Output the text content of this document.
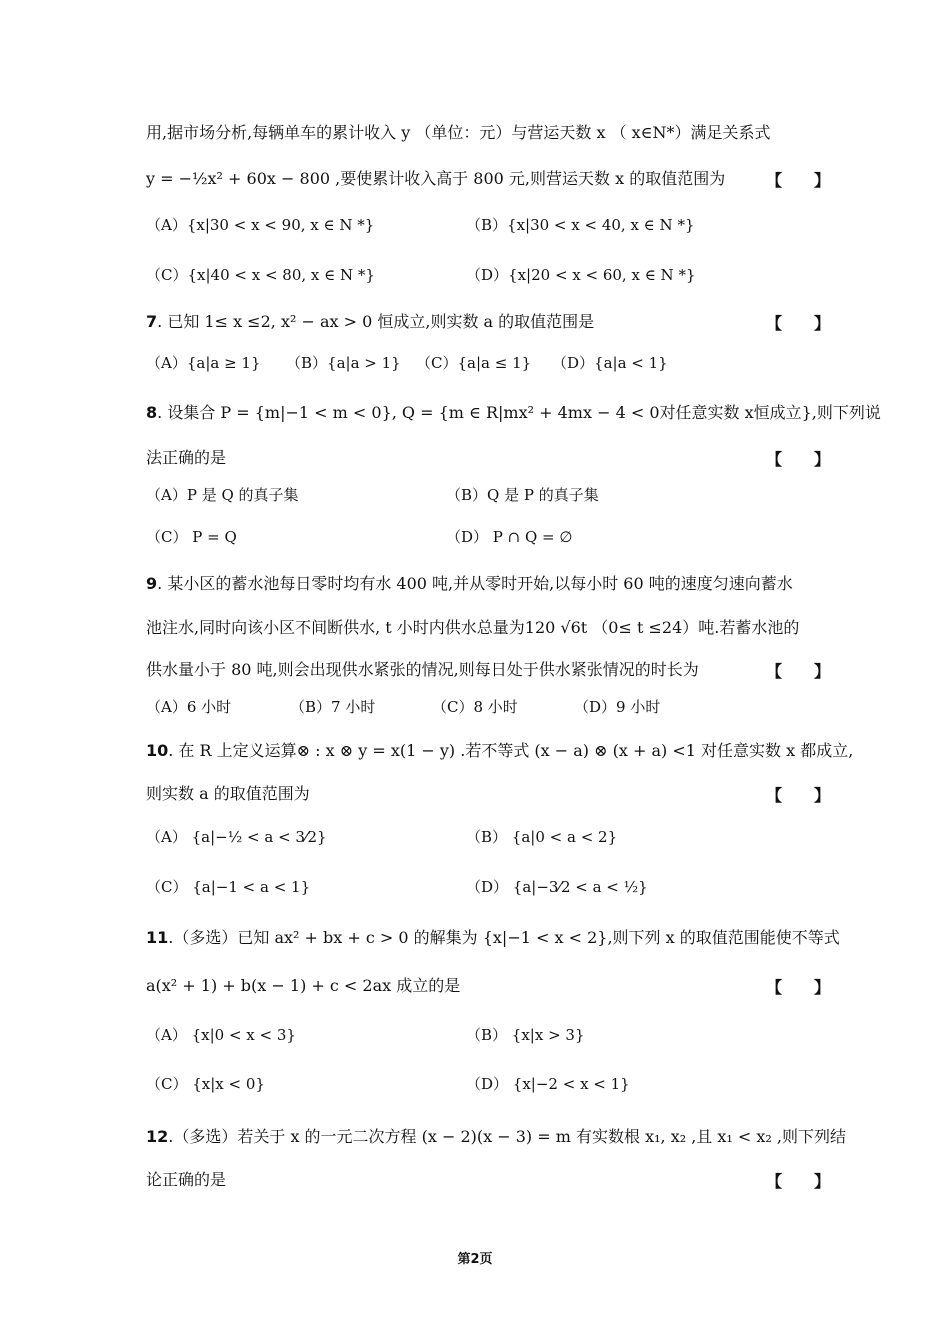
用,据市场分析,每辆单车的累计收入 y （单位：元）与营运天数 x （ x∈N*）满足关系式
y = −½x² + 60x − 800 ,要使累计收入高于 800 元,则营运天数 x 的取值范围为	【　　】
（A）{x|30 < x < 90, x ∈ N *}	（B）{x|30 < x < 40, x ∈ N *}
（C）{x|40 < x < 80, x ∈ N *}	（D）{x|20 < x < 60, x ∈ N *}
7. 已知 1≤ x ≤2, x² − ax > 0 恒成立,则实数 a 的取值范围是	【　　】
（A）{a|a ≥ 1} （B）{a|a > 1} （C）{a|a ≤ 1} （D）{a|a < 1}
8. 设集合 P = {m|−1 < m < 0}, Q = {m ∈ R|mx² + 4mx − 4 < 0对任意实数 x恒成立},则下列说
法正确的是	【　　】
（A）P 是 Q 的真子集	（B）Q 是 P 的真子集
（C） P = Q	（D） P ∩ Q = ∅
9. 某小区的蓄水池每日零时均有水 400 吨,并从零时开始,以每小时 60 吨的速度匀速向蓄水
池注水,同时向该小区不间断供水, t 小时内供水总量为120 √6t （0≤ t ≤24）吨.若蓄水池的
供水量小于 80 吨,则会出现供水紧张的情况,则每日处于供水紧张情况的时长为	【　　】
（A）6 小时	（B）7 小时	（C）8 小时	（D）9 小时
10. 在 R 上定义运算⊗ : x ⊗ y = x(1 − y) .若不等式 (x − a) ⊗ (x + a) <1 对任意实数 x 都成立,
则实数 a 的取值范围为	【　　】
（A） {a|−½ < a < 3⁄2}	（B） {a|0 < a < 2}
（C） {a|−1 < a < 1}	（D） {a|−3⁄2 < a < ½}
11.（多选）已知 ax² + bx + c > 0 的解集为 {x|−1 < x < 2},则下列 x 的取值范围能使不等式
a(x² + 1) + b(x − 1) + c < 2ax 成立的是	【　　】
（A） {x|0 < x < 3}	（B） {x|x > 3}
（C） {x|x < 0}	（D） {x|−2 < x < 1}
12.（多选）若关于 x 的一元二次方程 (x − 2)(x − 3) = m 有实数根 x₁, x₂ ,且 x₁ < x₂ ,则下列结
论正确的是	【　　】
第2页
